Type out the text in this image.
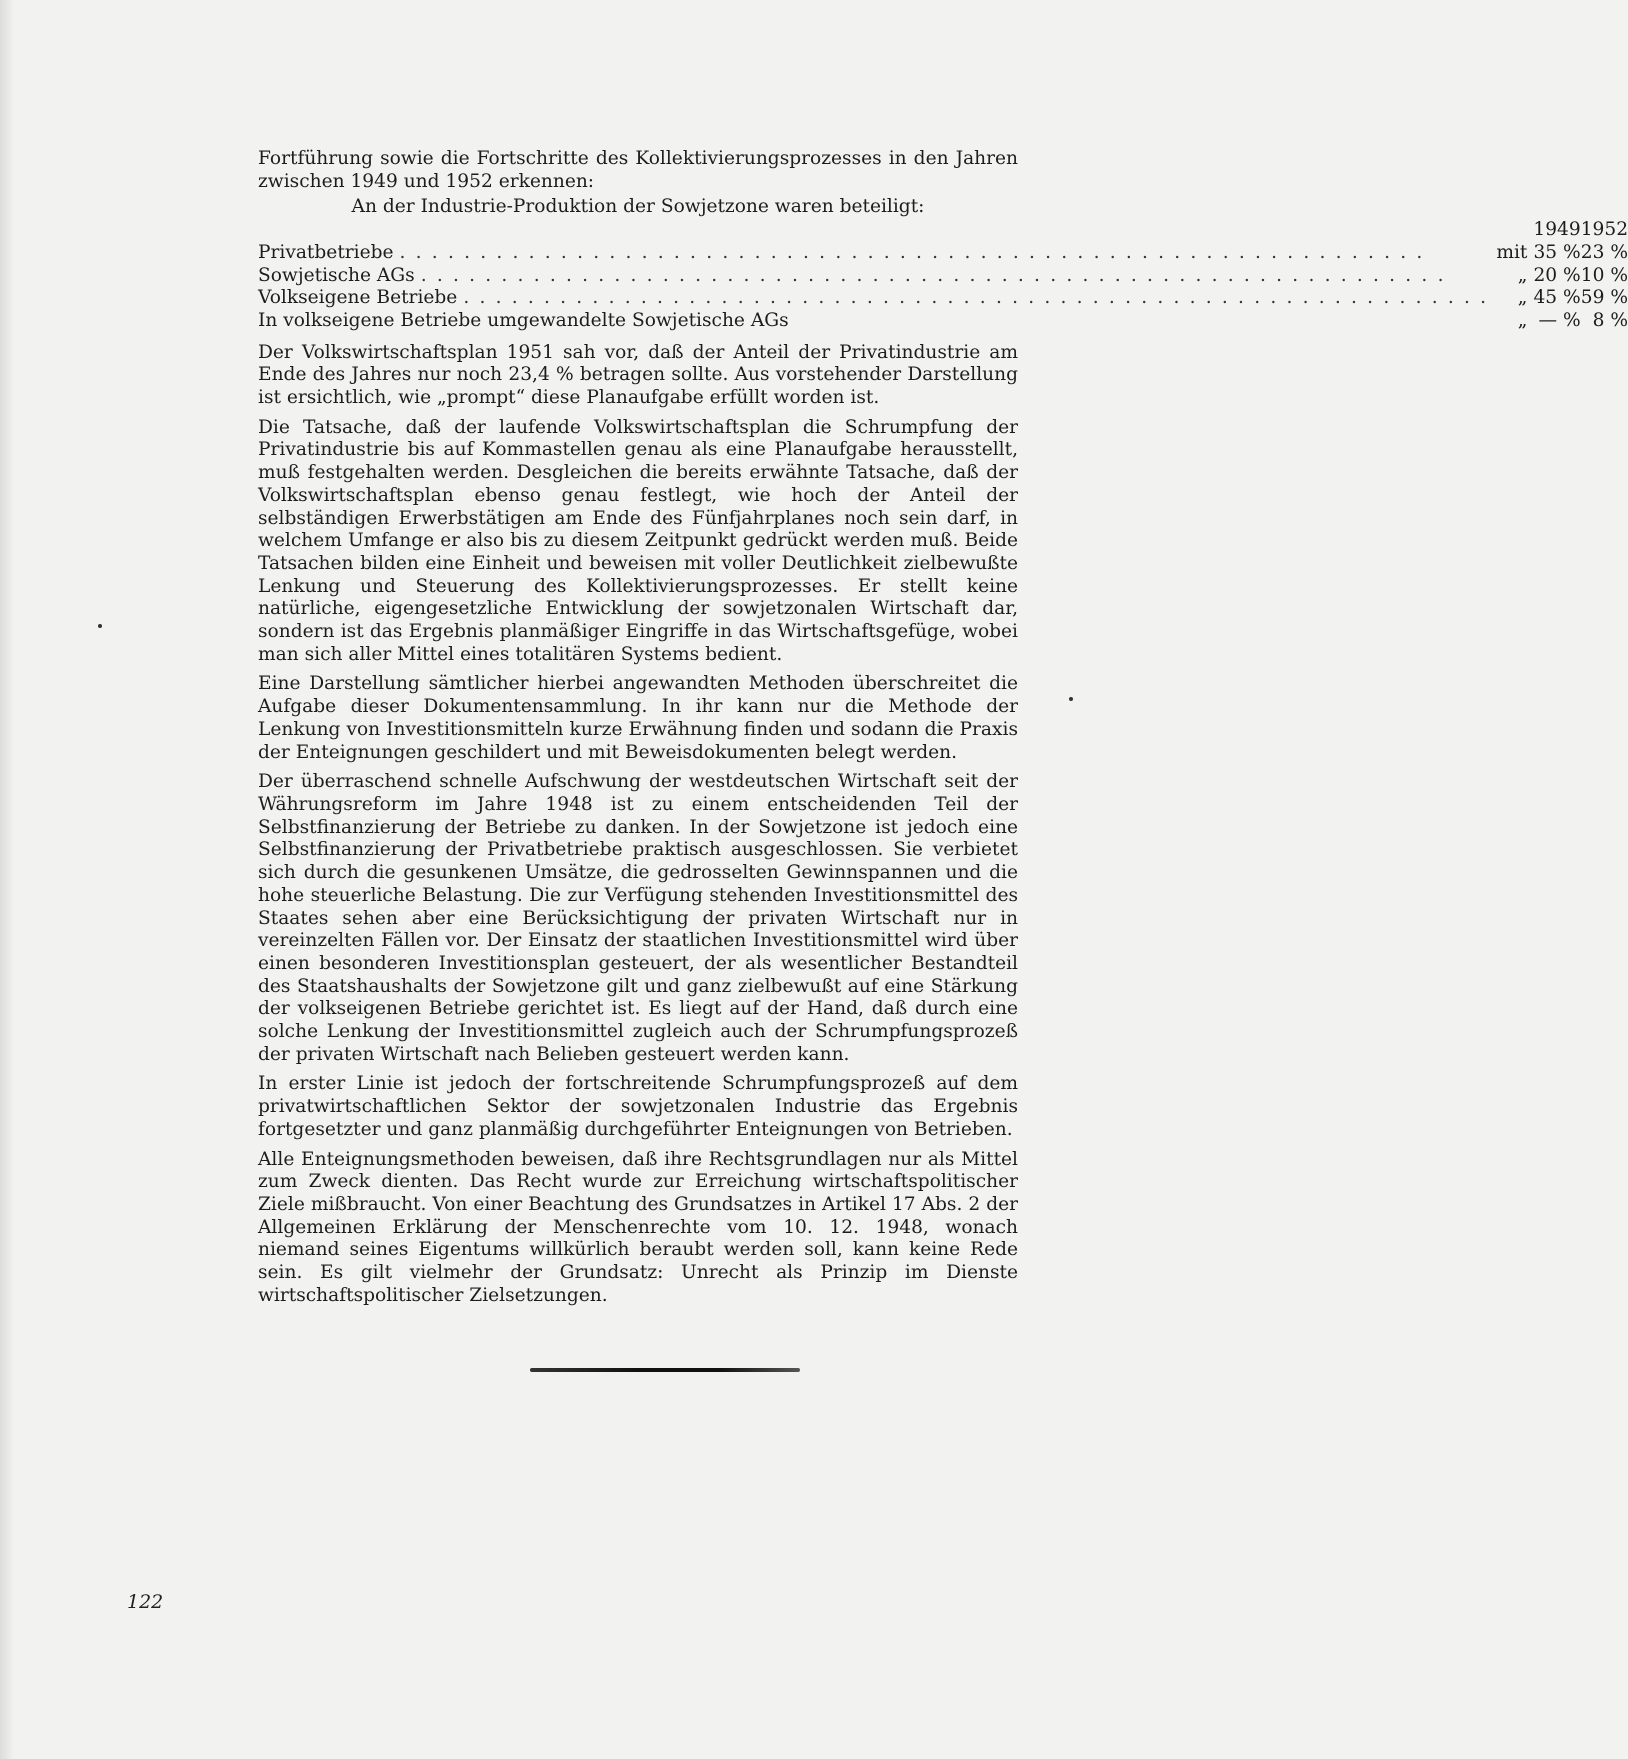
Fortführung sowie die Fortschritte des Kollektivierungsprozesses in den Jahren zwischen 1949 und 1952 erkennen:

An der Industrie-Produktion der Sowjetzone waren beteiligt:
		1949	1952

Privatbetriebe ................................................................	mit	35 %	23 %

Sowjetische AGs ................................................................	„	20 %	10 %

Volkseigene Betriebe ................................................................	„	45 %	59 %

In volkseigene Betriebe umgewandelte Sowjetische AGs	„	— %	8 %

Der Volkswirtschaftsplan 1951 sah vor, daß der Anteil der Privatindustrie am Ende des Jahres nur noch 23,4 % betragen sollte. Aus vorstehender Darstellung ist ersichtlich, wie „prompt“ diese Planaufgabe erfüllt worden ist.

Die Tatsache, daß der laufende Volkswirtschaftsplan die Schrumpfung der Privatindustrie bis auf Kommastellen genau als eine Planaufgabe herausstellt, muß festgehalten werden. Desgleichen die bereits erwähnte Tatsache, daß der Volkswirtschaftsplan ebenso genau festlegt, wie hoch der Anteil der selbständigen Erwerbstätigen am Ende des Fünfjahrplanes noch sein darf, in welchem Umfange er also bis zu diesem Zeitpunkt gedrückt werden muß. Beide Tatsachen bilden eine Einheit und beweisen mit voller Deutlichkeit zielbewußte Lenkung und Steuerung des Kollektivierungsprozesses. Er stellt keine natürliche, eigengesetzliche Entwicklung der sowjetzonalen Wirtschaft dar, sondern ist das Ergebnis planmäßiger Eingriffe in das Wirtschaftsgefüge, wobei man sich aller Mittel eines totalitären Systems bedient.

Eine Darstellung sämtlicher hierbei angewandten Methoden überschreitet die Aufgabe dieser Dokumentensammlung. In ihr kann nur die Methode der Lenkung von Investitionsmitteln kurze Erwähnung finden und sodann die Praxis der Enteignungen geschildert und mit Beweisdokumenten belegt werden.

Der überraschend schnelle Aufschwung der westdeutschen Wirtschaft seit der Währungsreform im Jahre 1948 ist zu einem entscheidenden Teil der Selbstfinanzierung der Betriebe zu danken. In der Sowjetzone ist jedoch eine Selbstfinanzierung der Privatbetriebe praktisch ausgeschlossen. Sie verbietet sich durch die gesunkenen Umsätze, die gedrosselten Gewinnspannen und die hohe steuerliche Belastung. Die zur Verfügung stehenden Investitionsmittel des Staates sehen aber eine Berücksichtigung der privaten Wirtschaft nur in vereinzelten Fällen vor. Der Einsatz der staatlichen Investitionsmittel wird über einen besonderen Investitionsplan gesteuert, der als wesentlicher Bestandteil des Staatshaushalts der Sowjetzone gilt und ganz zielbewußt auf eine Stärkung der volkseigenen Betriebe gerichtet ist. Es liegt auf der Hand, daß durch eine solche Lenkung der Investitionsmittel zugleich auch der Schrumpfungsprozeß der privaten Wirtschaft nach Belieben gesteuert werden kann.

In erster Linie ist jedoch der fortschreitende Schrumpfungsprozeß auf dem privatwirtschaftlichen Sektor der sowjetzonalen Industrie das Ergebnis fortgesetzter und ganz planmäßig durchgeführter Enteignungen von Betrieben.

Alle Enteignungsmethoden beweisen, daß ihre Rechtsgrundlagen nur als Mittel zum Zweck dienten. Das Recht wurde zur Erreichung wirtschaftspolitischer Ziele mißbraucht. Von einer Beachtung des Grundsatzes in Artikel 17 Abs. 2 der Allgemeinen Erklärung der Menschenrechte vom 10. 12. 1948, wonach niemand seines Eigentums willkürlich beraubt werden soll, kann keine Rede sein. Es gilt vielmehr der Grundsatz: Unrecht als Prinzip im Dienste wirtschaftspolitischer Zielsetzungen.

122
